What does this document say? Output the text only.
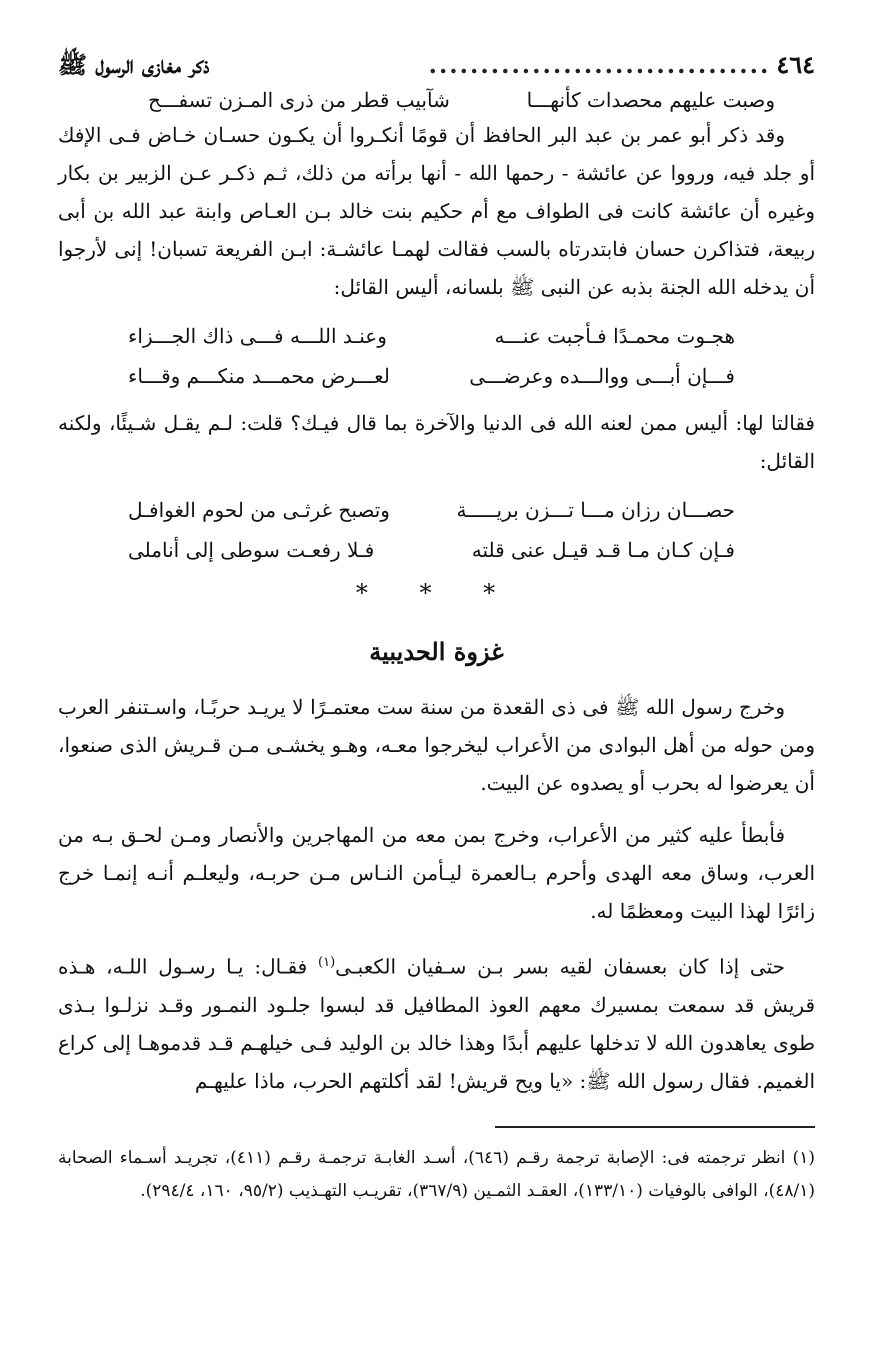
٤٦٤
.................................
ذكر مغازى الرسول ﷺ
وصبت عليهم محصدات كأنهـــا
شآبيب قطر من ذرى المـزن تسفـــح

وقد ذكر أبو عمر بن عبد البر الحافظ أن قومًا أنكـروا أن يكـون حسـان خـاض فـى الإفك أو جلد فيه، ورووا عن عائشة - رحمها الله - أنها برأته من ذلك، ثـم ذكـر عـن الزبير بن بكار وغيره أن عائشة كانت فى الطواف مع أم حكيم بنت خالد بـن العـاص وابنة عبد الله بن أبى ربيعة، فتذاكرن حسان فابتدرتاه بالسب فقالت لهمـا عائشـة: ابـن الفريعة تسبان! إنى لأرجوا أن يدخله الله الجنة بذبه عن النبى ﷺ بلسانه، أليس القائل:

هجـوت محمـدًا فـأجبت عنـــه
وعنـد اللـــه فـــى ذاك الجـــزاء
فـــإن أبـــى ووالـــده وعرضـــى
لعـــرض محمـــد منكـــم وقـــاء

فقالتا لها: أليس ممن لعنه الله فى الدنيا والآخرة بما قال فيـك؟ قلت: لـم يقـل شـيئًا، ولكنه القائل:

حصـــان رزان مـــا تـــزن بريـــــة
وتصبح غرثـى من لحوم الغوافـل
فـإن كـان مـا قـد قيـل عنى قلته
فـلا رفعـت سوطى إلى أناملى
* * *
غزوة الحديبية

وخرج رسول الله ﷺ فى ذى القعدة من سنة ست معتمـرًا لا يريـد حربًـا، واسـتنفر العرب ومن حوله من أهل البوادى من الأعراب ليخرجوا معـه، وهـو يخشـى مـن قـريش الذى صنعوا، أن يعرضوا له بحرب أو يصدوه عن البيت.

فأبطأ عليه كثير من الأعراب، وخرج بمن معه من المهاجرين والأنصار ومـن لحـق بـه من العرب، وساق معه الهدى وأحرم بـالعمرة ليـأمن النـاس مـن حربـه، وليعلـم أنـه إنمـا خرج زائرًا لهذا البيت ومعظمًا له.

حتى إذا كان بعسفان لقيه بسر بـن سـفيان الكعبـى$^{(١)}$ فقـال: يـا رسـول اللـه، هـذه قريش قد سمعت بمسيرك معهم العوذ المطافيل قد لبسوا جلـود النمـور وقـد نزلـوا بـذى طوى يعاهدون الله لا تدخلها عليهم أبدًا وهذا خالد بن الوليد فـى خيلهـم قـد قدموهـا إلى كراع الغميم. فقال رسول الله ﷺ: «يا ويح قريش! لقد أكلتهم الحرب، ماذا عليهـم

(١) انظر ترجمته فى: الإصابة ترجمة رقـم (٦٤٦)، أسـد الغابـة ترجمـة رقـم (٤١١)، تجريـد أسـماء الصحابة (٤٨/١)، الوافى بالوفيات (١٣٣/١٠)، العقـد الثمـين (٣٦٧/٩)، تقريـب التهـذيب (٩٥/٢، ١٦٠، ٢٩٤/٤).
